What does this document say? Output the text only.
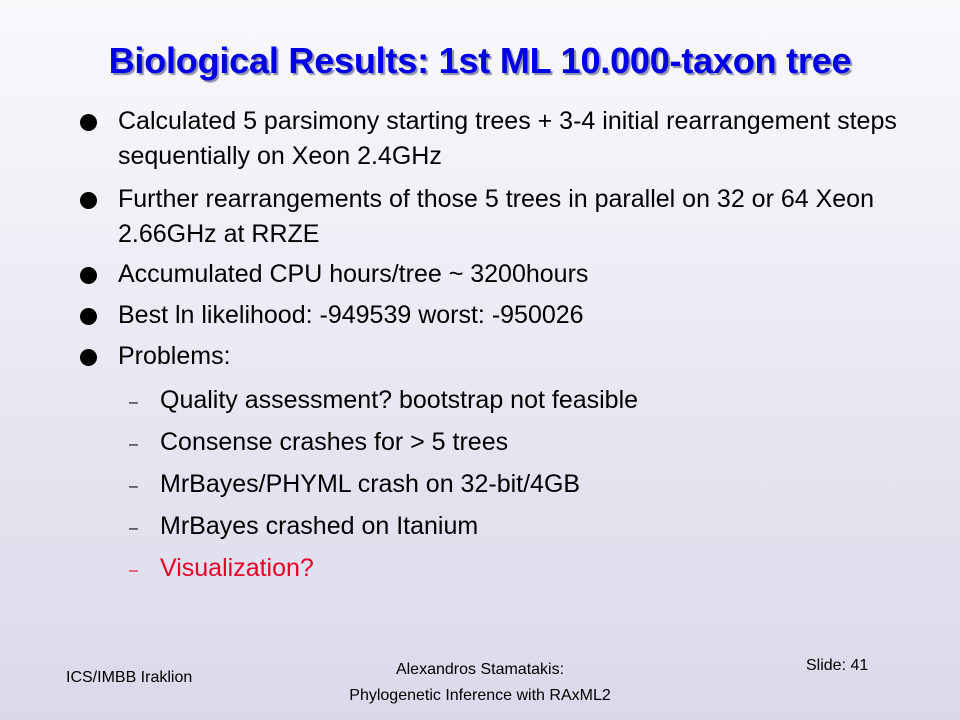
Biological Results: 1st ML 10.000-taxon tree
Calculated 5 parsimony starting trees + 3-4 initial rearrangement steps sequentially on Xeon 2.4GHz
Further rearrangements of those 5 trees in parallel on 32 or 64 Xeon 2.66GHz at RRZE
Accumulated CPU hours/tree ~ 3200hours
Best ln likelihood: -949539 worst: -950026
Problems:
– Quality assessment? bootstrap not feasible
– Consense crashes for > 5 trees
– MrBayes/PHYML crash on 32-bit/4GB
– MrBayes crashed on Itanium
– Visualization?
ICS/IMBB Iraklion	Alexandros Stamatakis:
Phylogenetic Inference with RAxML2
Slide: 41
